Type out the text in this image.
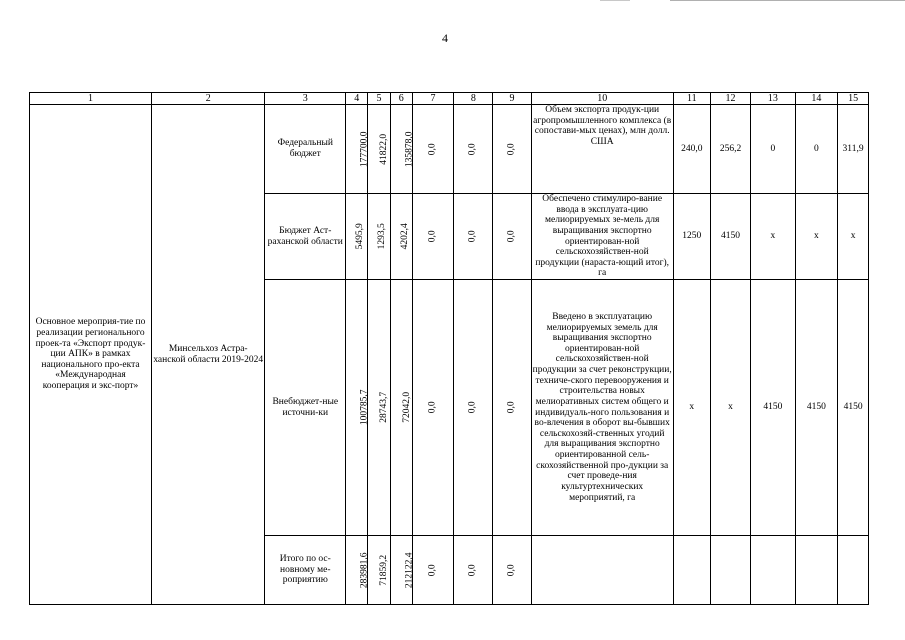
4
1	2	3	4	5	6	7	8	9	10	11	12	13	14	15
Основное мероприя-тие по реализации регионального проек-та «Экспорт продук-ции АПК» в рамках национального про-екта «Международная кооперация и экс-порт»	Минсельхоз Астра-ханской области 2019-2024	Федеральный бюджет	177700,0	41822,0	135878,0	0,0	0,0	0,0	Объем экспорта продук-ции агропромышленного комплекса (в сопостави-мых ценах), млн долл. США	240,0	256,2	0	0	311,9
		Бюджет Аст-раханской области	5495,9	1293,5	4202,4	0,0	0,0	0,0	Обеспечено стимулиро-вание ввода в эксплуата-цию мелиорируемых зе-мель для выращивания экспортно ориентирован-ной сельскохозяйствен-ной продукции (нараста-ющий итог), га	1250	4150	x	x	x
		Внебюджет-ные источни-ки	100785,7	28743,7	72042,0	0,0	0,0	0,0	Введено в эксплуатацию мелиорируемых земель для выращивания экспортно ориентирован-ной сельскохозяйствен-ной продукции за счет реконструкции, техниче-ского перевооружения и строительства новых мелиоративных систем общего и индивидуаль-ного пользования и во-влечения в оборот вы-бывших сельскохозяй-ственных угодий для выращивания экспортно ориентированной сель-скохозяйственной про-дукции за счет проведе-ния культуртехнических мероприятий, га	x	x	4150	4150	4150
		Итого по ос-новному ме-роприятию	283981,6	71859,2	212122,4	0,0	0,0	0,0						
